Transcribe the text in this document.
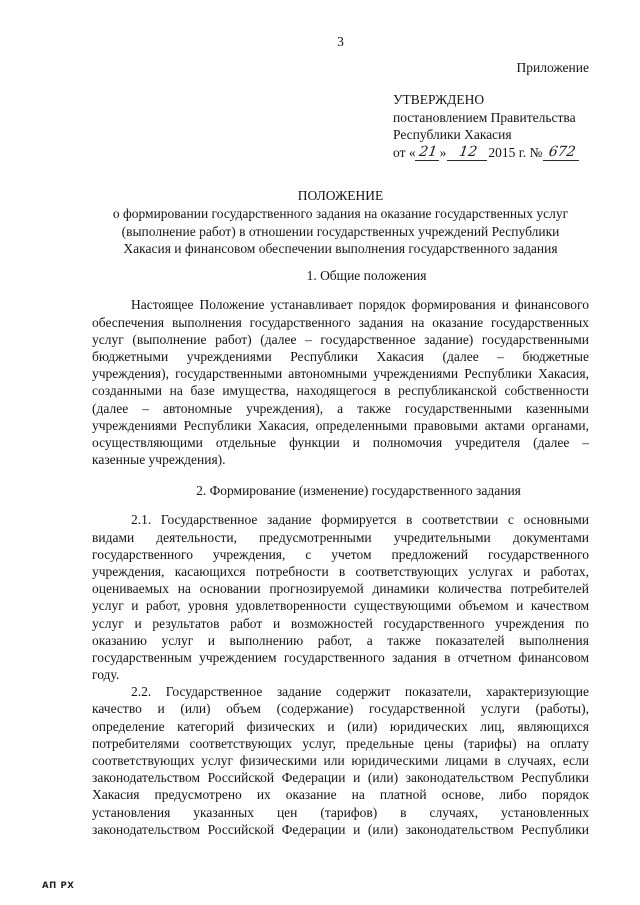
3
Приложение
УТВЕРЖДЕНО
постановлением Правительства
Республики Хакасия
от « 21 » 12 2015 г. № 672
ПОЛОЖЕНИЕ
о формировании государственного задания на оказание государственных услуг
(выполнение работ) в отношении государственных учреждений Республики
Хакасия и финансовом обеспечении выполнения государственного задания
1. Общие положения
Настоящее Положение устанавливает порядок формирования и финансового
обеспечения выполнения государственного задания на оказание государственных
услуг (выполнение работ) (далее – государственное задание) государственными
бюджетными учреждениями Республики Хакасия (далее – бюджетные
учреждения), государственными автономными учреждениями Республики Хакасия,
созданными на базе имущества, находящегося в республиканской собственности
(далее – автономные учреждения), а также государственными казенными
учреждениями Республики Хакасия, определенными правовыми актами органами,
осуществляющими отдельные функции и полномочия учредителя (далее –
казенные учреждения).
2. Формирование (изменение) государственного задания
2.1. Государственное задание формируется в соответствии с основными
видами деятельности, предусмотренными учредительными документами
государственного учреждения, с учетом предложений государственного
учреждения, касающихся потребности в соответствующих услугах и работах,
оцениваемых на основании прогнозируемой динамики количества потребителей
услуг и работ, уровня удовлетворенности существующими объемом и качеством
услуг и результатов работ и возможностей государственного учреждения по
оказанию услуг и выполнению работ, а также показателей выполнения
государственным учреждением государственного задания в отчетном финансовом
году.
2.2. Государственное задание содержит показатели, характеризующие
качество и (или) объем (содержание) государственной услуги (работы),
определение категорий физических и (или) юридических лиц, являющихся
потребителями соответствующих услуг, предельные цены (тарифы) на оплату
соответствующих услуг физическими или юридическими лицами в случаях, если
законодательством Российской Федерации и (или) законодательством Республики
Хакасия предусмотрено их оказание на платной основе, либо порядок
установления указанных цен (тарифов) в случаях, установленных
законодательством Российской Федерации и (или) законодательством Республики
АП РХ
